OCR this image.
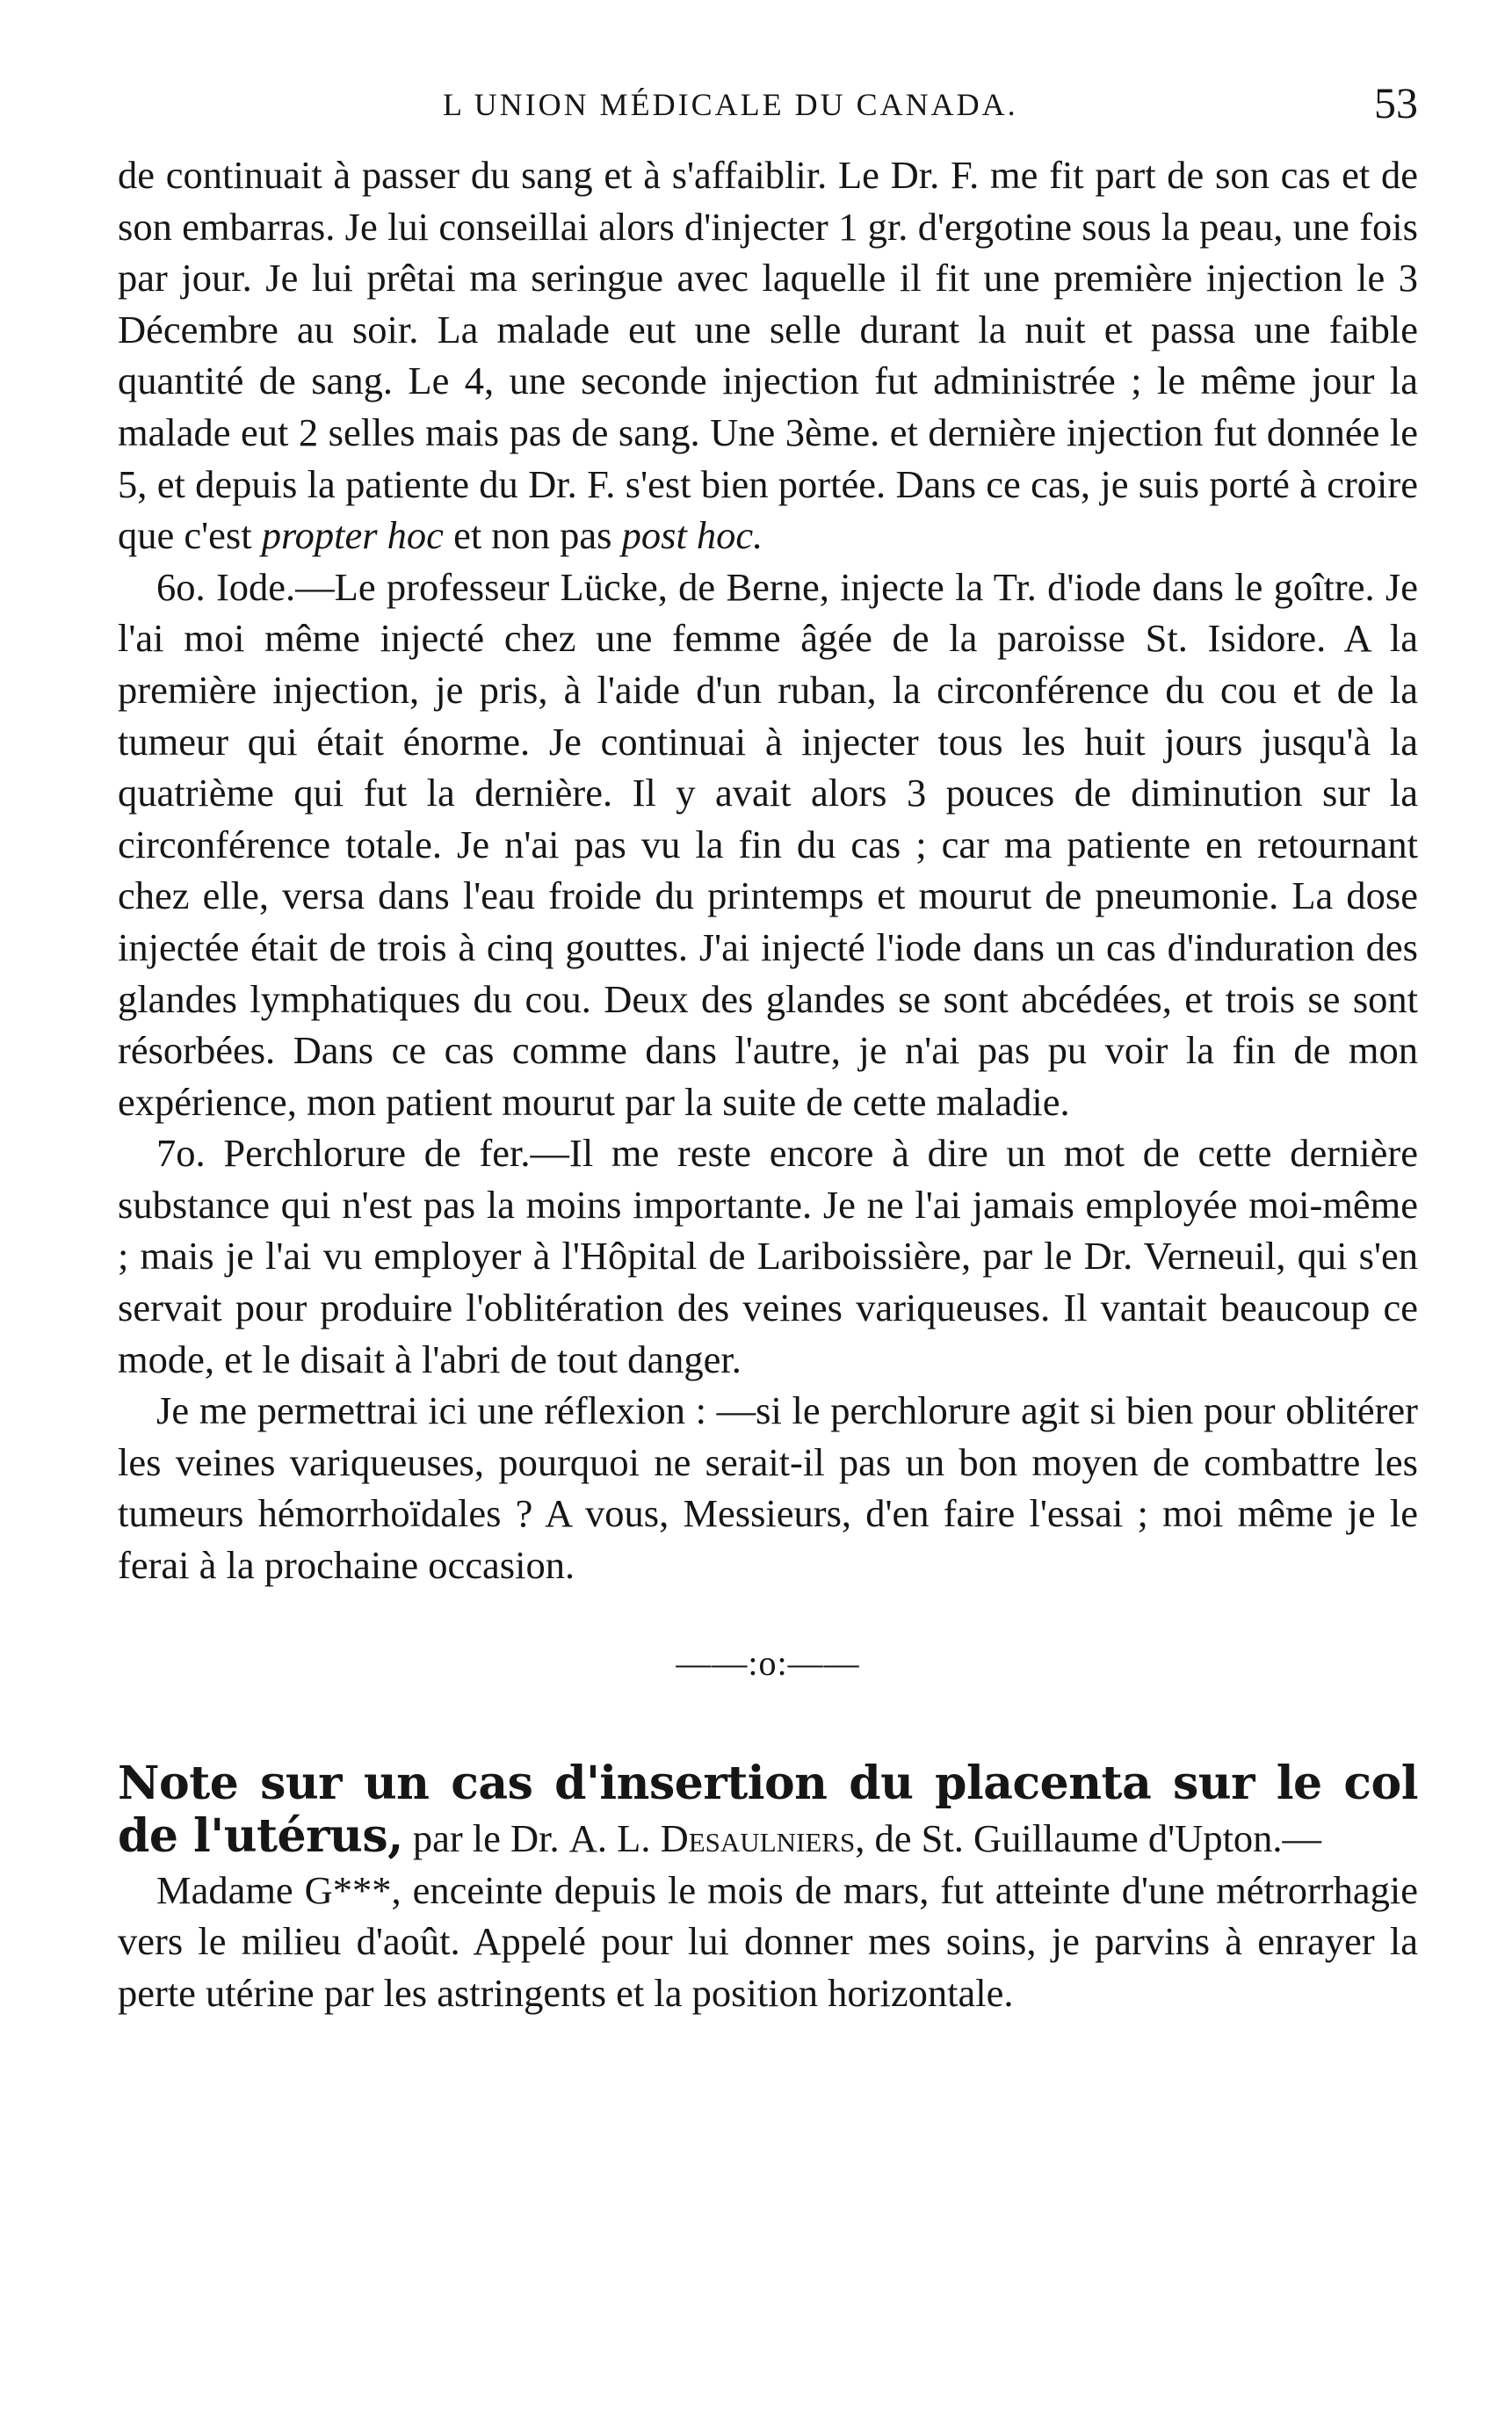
L UNION MÉDICALE DU CANADA.	53

de continuait à passer du sang et à s'affaiblir. Le Dr. F. me fit part de son cas et de son embarras. Je lui conseillai alors d'injecter 1 gr. d'ergotine sous la peau, une fois par jour. Je lui prêtai ma seringue avec laquelle il fit une première injection le 3 Décembre au soir. La malade eut une selle durant la nuit et passa une faible quantité de sang. Le 4, une seconde injection fut administrée ; le même jour la malade eut 2 selles mais pas de sang. Une 3ème. et dernière injection fut donnée le 5, et depuis la patiente du Dr. F. s'est bien portée. Dans ce cas, je suis porté à croire que c'est propter hoc et non pas post hoc.

6o. Iode.—Le professeur Lücke, de Berne, injecte la Tr. d'iode dans le goître. Je l'ai moi même injecté chez une femme âgée de la paroisse St. Isidore. A la première injection, je pris, à l'aide d'un ruban, la circonférence du cou et de la tumeur qui était énorme. Je continuai à injecter tous les huit jours jusqu'à la quatrième qui fut la dernière. Il y avait alors 3 pouces de diminution sur la circonférence totale. Je n'ai pas vu la fin du cas ; car ma patiente en retournant chez elle, versa dans l'eau froide du printemps et mourut de pneumonie. La dose injectée était de trois à cinq gouttes. J'ai injecté l'iode dans un cas d'induration des glandes lymphatiques du cou. Deux des glandes se sont abcédées, et trois se sont résorbées. Dans ce cas comme dans l'autre, je n'ai pas pu voir la fin de mon expérience, mon patient mourut par la suite de cette maladie.

7o. Perchlorure de fer.—Il me reste encore à dire un mot de cette dernière substance qui n'est pas la moins importante. Je ne l'ai jamais employée moi-même ; mais je l'ai vu employer à l'Hôpital de Lariboissière, par le Dr. Verneuil, qui s'en servait pour produire l'oblitération des veines variqueuses. Il vantait beaucoup ce mode, et le disait à l'abri de tout danger.

Je me permettrai ici une réflexion : —si le perchlorure agit si bien pour oblitérer les veines variqueuses, pourquoi ne serait-il pas un bon moyen de combattre les tumeurs hémorrhoïdales ? A vous, Messieurs, d'en faire l'essai ; moi même je le ferai à la prochaine occasion.

——:o:——
Note sur un cas d'insertion du placenta sur le col de l'utérus, par le Dr. A. L. Desaulniers, de St. Guillaume d'Upton.—

Madame G***, enceinte depuis le mois de mars, fut atteinte d'une métrorrhagie vers le milieu d'août. Appelé pour lui donner mes soins, je parvins à enrayer la perte utérine par les astringents et la position horizontale.
